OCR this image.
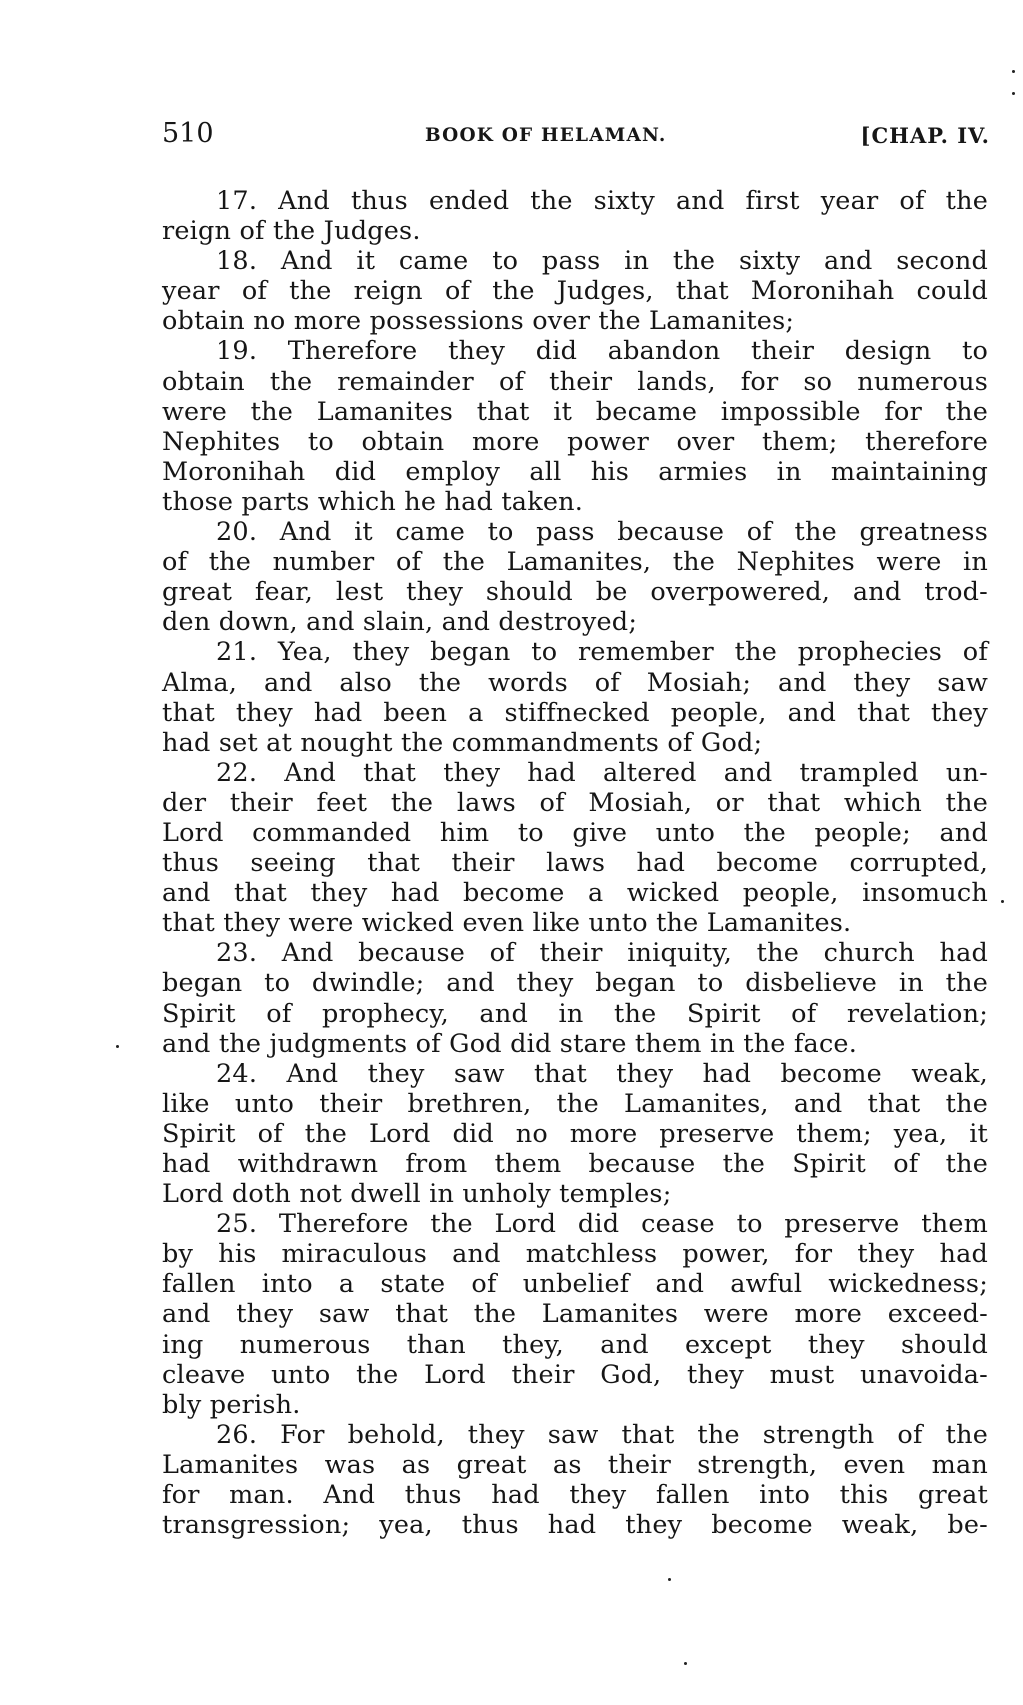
510	BOOK OF HELAMAN.	[CHAP. IV.
17. And thus ended the sixty and first year of the
reign of the Judges.
18. And it came to pass in the sixty and second
year of the reign of the Judges, that Moronihah could
obtain no more possessions over the Lamanites;
19. Therefore they did abandon their design to
obtain the remainder of their lands, for so numerous
were the Lamanites that it became impossible for the
Nephites to obtain more power over them; therefore
Moronihah did employ all his armies in maintaining
those parts which he had taken.
20. And it came to pass because of the greatness
of the number of the Lamanites, the Nephites were in
great fear, lest they should be overpowered, and trod-
den down, and slain, and destroyed;
21. Yea, they began to remember the prophecies of
Alma, and also the words of Mosiah; and they saw
that they had been a stiffnecked people, and that they
had set at nought the commandments of God;
22. And that they had altered and trampled un-
der their feet the laws of Mosiah, or that which the
Lord commanded him to give unto the people; and
thus seeing that their laws had become corrupted,
and that they had become a wicked people, insomuch
that they were wicked even like unto the Lamanites.
23. And because of their iniquity, the church had
began to dwindle; and they began to disbelieve in the
Spirit of prophecy, and in the Spirit of revelation;
and the judgments of God did stare them in the face.
24. And they saw that they had become weak,
like unto their brethren, the Lamanites, and that the
Spirit of the Lord did no more preserve them; yea, it
had withdrawn from them because the Spirit of the
Lord doth not dwell in unholy temples;
25. Therefore the Lord did cease to preserve them
by his miraculous and matchless power, for they had
fallen into a state of unbelief and awful wickedness;
and they saw that the Lamanites were more exceed-
ing numerous than they, and except they should
cleave unto the Lord their God, they must unavoida-
bly perish.
26. For behold, they saw that the strength of the
Lamanites was as great as their strength, even man
for man. And thus had they fallen into this great
transgression; yea, thus had they become weak, be-
